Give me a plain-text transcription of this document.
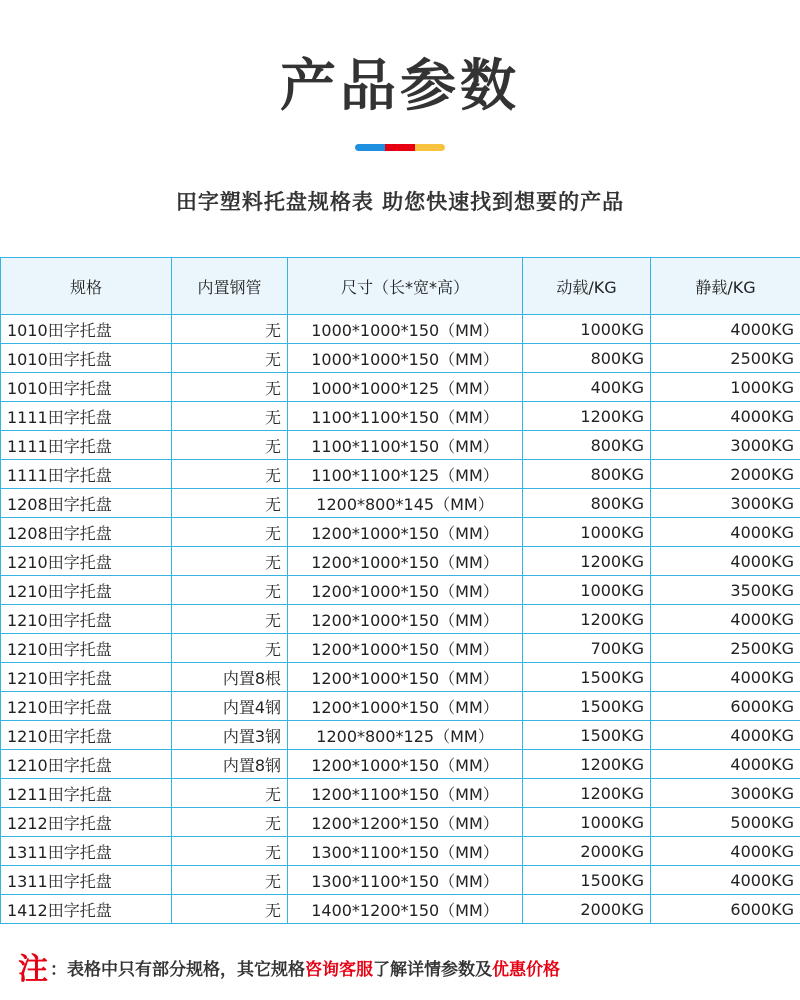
产品参数
田字塑料托盘规格表 助您快速找到想要的产品
规格	内置钢管	尺寸（长*宽*高）	动载/KG	静载/KG
1010田字托盘	无	1000*1000*150（MM）	1000KG	4000KG
1010田字托盘	无	1000*1000*150（MM）	800KG	2500KG
1010田字托盘	无	1000*1000*125（MM）	400KG	1000KG
1111田字托盘	无	1100*1100*150（MM）	1200KG	4000KG
1111田字托盘	无	1100*1100*150（MM）	800KG	3000KG
1111田字托盘	无	1100*1100*125（MM）	800KG	2000KG
1208田字托盘	无	1200*800*145（MM）	800KG	3000KG
1208田字托盘	无	1200*1000*150（MM）	1000KG	4000KG
1210田字托盘	无	1200*1000*150（MM）	1200KG	4000KG
1210田字托盘	无	1200*1000*150（MM）	1000KG	3500KG
1210田字托盘	无	1200*1000*150（MM）	1200KG	4000KG
1210田字托盘	无	1200*1000*150（MM）	700KG	2500KG
1210田字托盘	内置8根	1200*1000*150（MM）	1500KG	4000KG
1210田字托盘	内置4钢	1200*1000*150（MM）	1500KG	6000KG
1210田字托盘	内置3钢	1200*800*125（MM）	1500KG	4000KG
1210田字托盘	内置8钢	1200*1000*150（MM）	1200KG	4000KG
1211田字托盘	无	1200*1100*150（MM）	1200KG	3000KG
1212田字托盘	无	1200*1200*150（MM）	1000KG	5000KG
1311田字托盘	无	1300*1100*150（MM）	2000KG	4000KG
1311田字托盘	无	1300*1100*150（MM）	1500KG	4000KG
1412田字托盘	无	1400*1200*150（MM）	2000KG	6000KG
注 ：表格中只有部分规格，其它规格咨询客服了解详情参数及优惠价格
